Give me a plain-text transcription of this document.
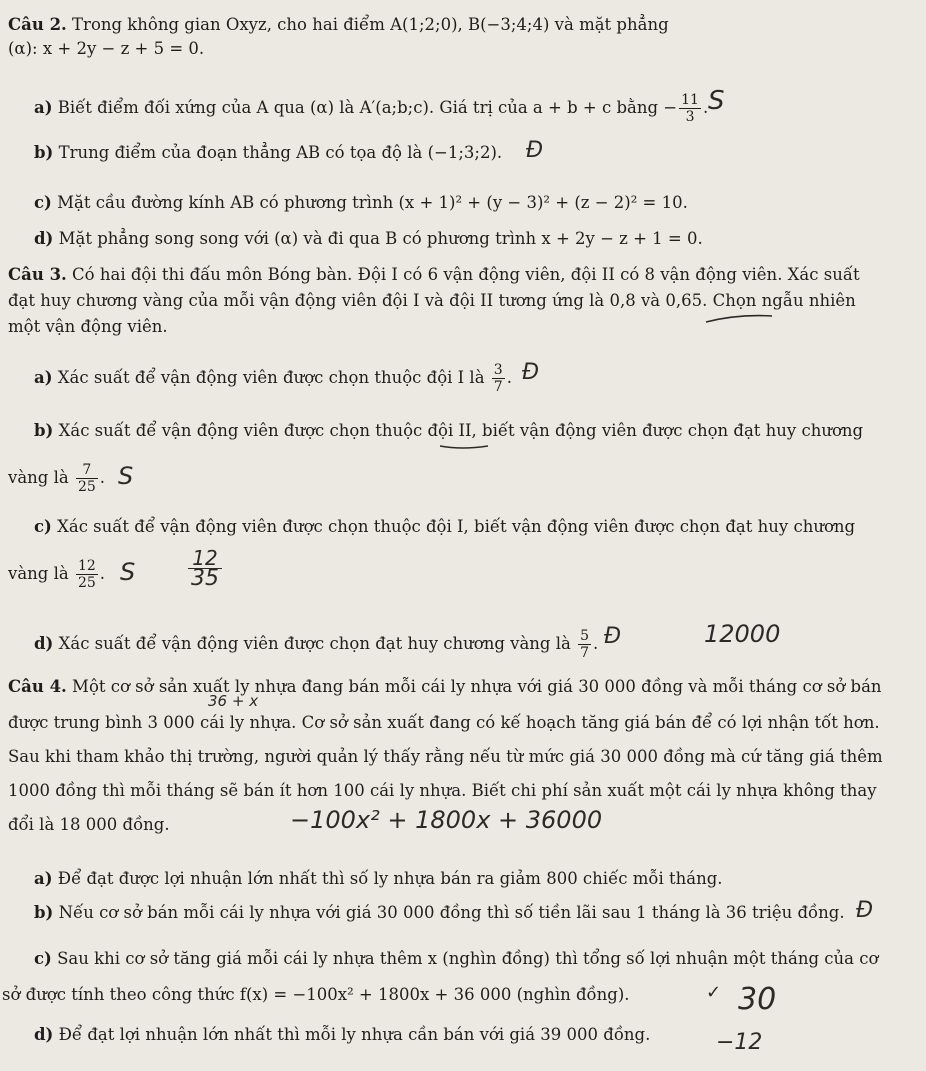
Câu 2. Trong không gian Oxyz, cho hai điểm A(1;2;0), B(−3;4;4) và mặt phẳng
(α): x + 2y − z + 5 = 0.
a) Biết điểm đối xứng của A qua (α) là A′(a;b;c). Giá trị của a + b + c bằng − $\frac{11}{3}$ . S
b) Trung điểm của đoạn thẳng AB có tọa độ là (−1;3;2). Đ
c) Mặt cầu đường kính AB có phương trình (x + 1)² + (y − 3)² + (z − 2)² = 10.
d) Mặt phẳng song song với (α) và đi qua B có phương trình x + 2y − z + 1 = 0.
Câu 3. Có hai đội thi đấu môn Bóng bàn. Đội I có 6 vận động viên, đội II có 8 vận động viên. Xác suất
đạt huy chương vàng của mỗi vận động viên đội I và đội II tương ứng là 0,8 và 0,65. Chọn ngẫu nhiên
một vận động viên.
a) Xác suất để vận động viên được chọn thuộc đội I là $\frac{3}{7}$ . Đ
b) Xác suất để vận động viên được chọn thuộc đội II, biết vận động viên được chọn đạt huy chương
vàng là $\frac{7}{25}$ . S
c) Xác suất để vận động viên được chọn thuộc đội I, biết vận động viên được chọn đạt huy chương
vàng là $\frac{12}{25}$ . S	$\frac{12}{35}$
d) Xác suất để vận động viên được chọn đạt huy chương vàng là $\frac{5}{7}$ . Đ	12000
Câu 4. Một cơ sở sản xuất ly nhựa đang bán mỗi cái ly nhựa với giá 30 000 đồng và mỗi tháng cơ sở bán
36 + x
được trung bình 3 000 cái ly nhựa. Cơ sở sản xuất đang có kế hoạch tăng giá bán để có lợi nhận tốt hơn.
Sau khi tham khảo thị trường, người quản lý thấy rằng nếu từ mức giá 30 000 đồng mà cứ tăng giá thêm
1000 đồng thì mỗi tháng sẽ bán ít hơn 100 cái ly nhựa. Biết chi phí sản xuất một cái ly nhựa không thay
đổi là 18 000 đồng.	−100x² + 1800x + 36000
a) Để đạt được lợi nhuận lớn nhất thì số ly nhựa bán ra giảm 800 chiếc mỗi tháng.
b) Nếu cơ sở bán mỗi cái ly nhựa với giá 30 000 đồng thì số tiền lãi sau 1 tháng là 36 triệu đồng. Đ
c) Sau khi cơ sở tăng giá mỗi cái ly nhựa thêm x (nghìn đồng) thì tổng số lợi nhuận một tháng của cơ
sở được tính theo công thức f(x) = −100x² + 1800x + 36 000 (nghìn đồng).	✓ 30
d) Để đạt lợi nhuận lớn nhất thì mỗi ly nhựa cần bán với giá 39 000 đồng.	−12
